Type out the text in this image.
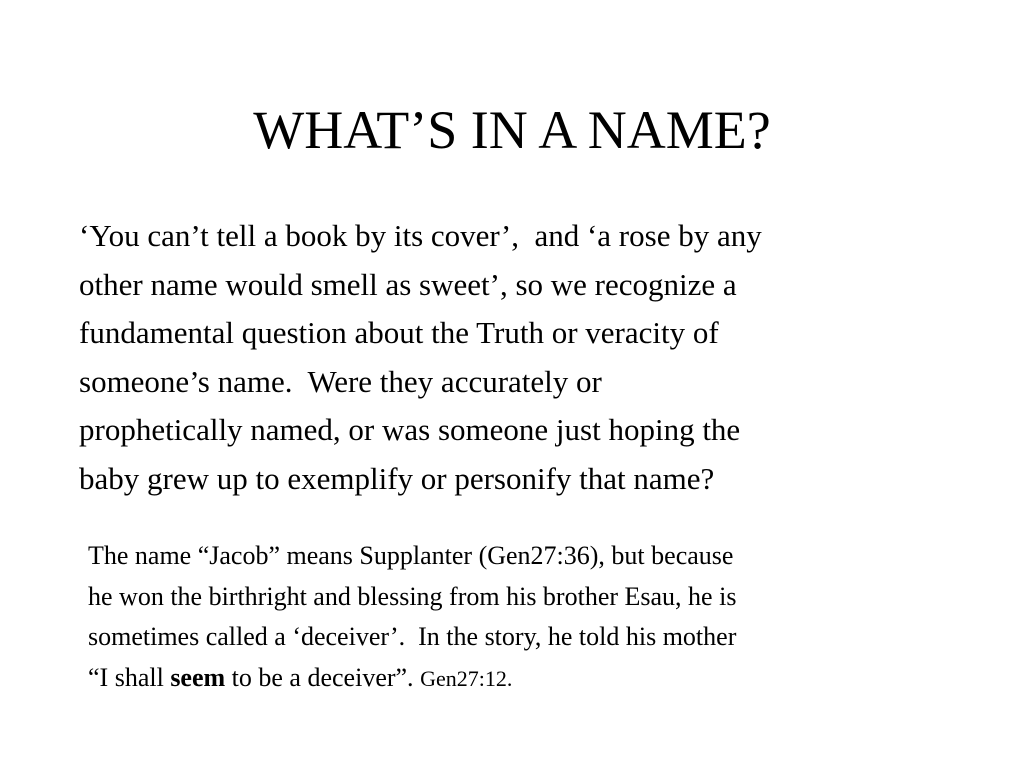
WHAT’S IN A NAME?

‘You can’t tell a book by its cover’,  and ‘a rose by any
other name would smell as sweet’, so we recognize a
fundamental question about the Truth or veracity of
someone’s name.  Were they accurately or
prophetically named, or was someone just hoping the
baby grew up to exemplify or personify that name?

The name “Jacob” means Supplanter (Gen27:36), but because
he won the birthright and blessing from his brother Esau, he is
sometimes called a ‘deceiver’.  In the story, he told his mother
“I shall seem to be a deceiver”. Gen27:12.
